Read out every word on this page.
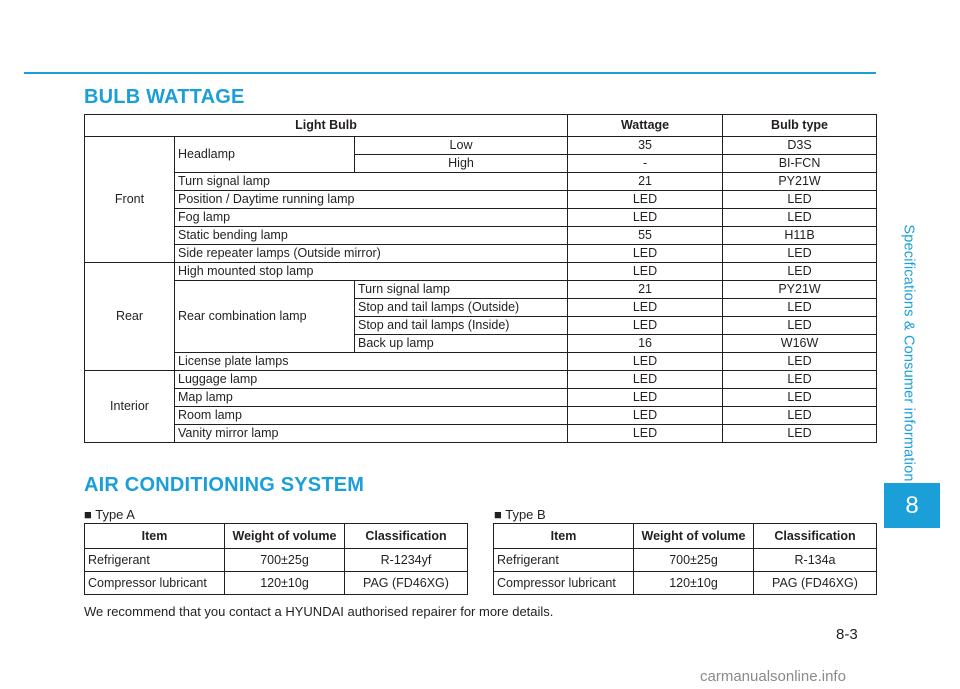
Specifications & Consumer information
8
BULB WATTAGE
Light Bulb			Wattage	Bulb type
Front	Headlamp	Low	35	D3S
		High	-	BI-FCN
	Turn signal lamp		21	PY21W
	Position / Daytime running lamp		LED	LED
	Fog lamp		LED	LED
	Static bending lamp		55	H11B
	Side repeater lamps (Outside mirror)		LED	LED
Rear	High mounted stop lamp		LED	LED
	Rear combination lamp	Turn signal lamp	21	PY21W
		Stop and tail lamps (Outside)	LED	LED
		Stop and tail lamps (Inside)	LED	LED
		Back up lamp	16	W16W
	License plate lamps		LED	LED
Interior	Luggage lamp		LED	LED
	Map lamp		LED	LED
	Room lamp		LED	LED
	Vanity mirror lamp		LED	LED
AIR CONDITIONING SYSTEM
■ Type A
Item	Weight of volume	Classification
Refrigerant	700±25g	R-1234yf
Compressor lubricant	120±10g	PAG (FD46XG)
■ Type B
Item	Weight of volume	Classification
Refrigerant	700±25g	R-134a
Compressor lubricant	120±10g	PAG (FD46XG)
We recommend that you contact a HYUNDAI authorised repairer for more details.
8-3
carmanualsonline.info
